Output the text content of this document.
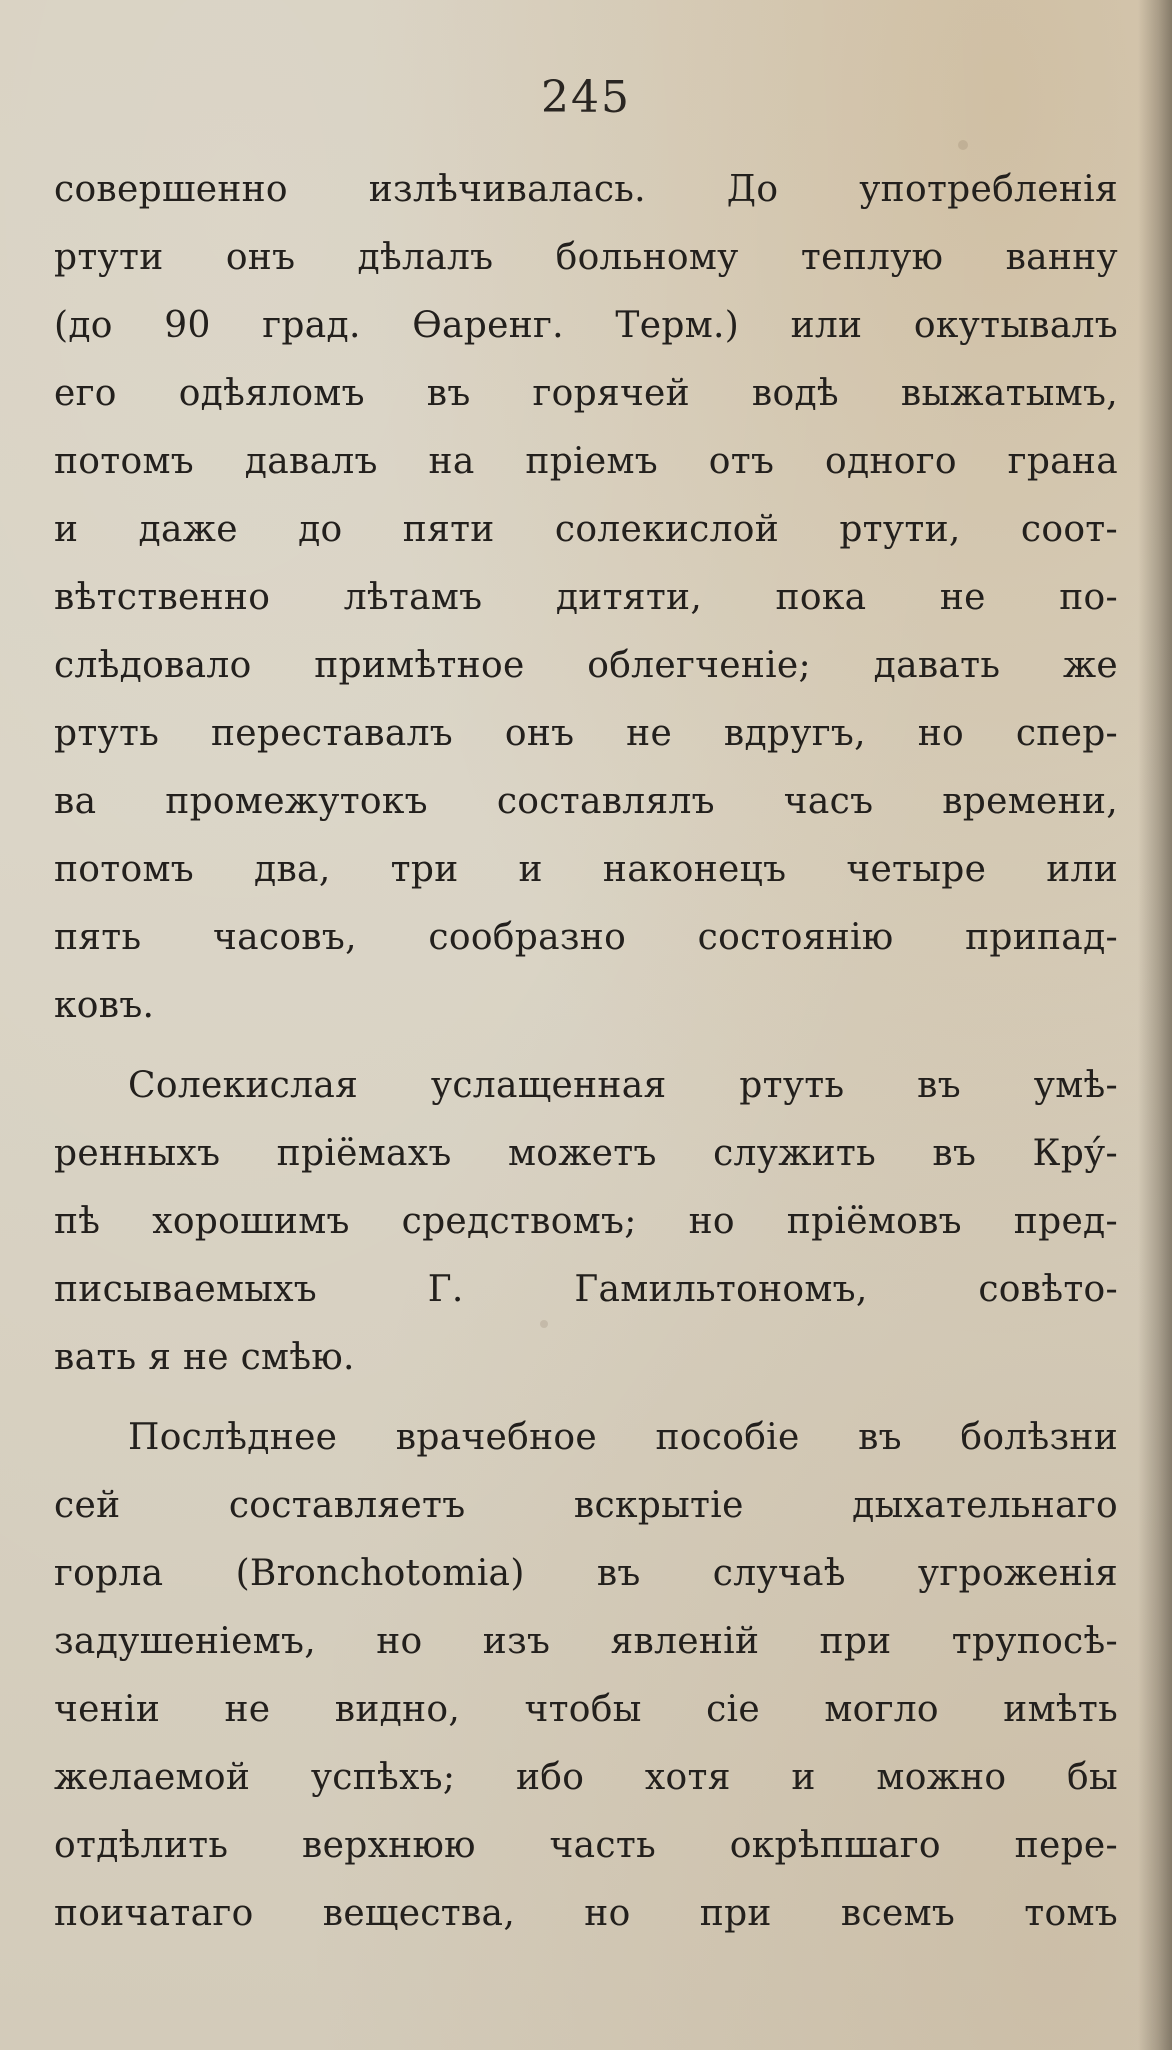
245
совершенно излѣчивалась. До употребленія
ртути онъ дѣлалъ больному теплую ванну
(до 90 град. Ѳаренг. Терм.) или окутывалъ
его одѣяломъ въ горячей водѣ выжатымъ,
потомъ давалъ на пріемъ отъ одного грана
и даже до пяти солекислой ртути, соот-
вѣтственно лѣтамъ дитяти, пока не по-
слѣдовало примѣтное облегченіе; давать же
ртуть переставалъ онъ не вдругъ, но спер-
ва промежутокъ составлялъ часъ времени,
потомъ два, три и наконецъ четыре или
пять часовъ, сообразно состоянію припад-
ковъ.
Солекислая услащенная ртуть въ умѣ-
ренныхъ пріёмахъ можетъ служить въ Кру́-
пѣ хорошимъ средствомъ; но пріёмовъ пред-
писываемыхъ Г. Гамильтономъ, совѣто-
вать я не смѣю.
Послѣднее врачебное пособіе въ болѣзни
сей составляетъ вскрытіе дыхательнаго
горла (Bronchotomia) въ случаѣ угроженія
задушеніемъ, но изъ явленій при трупосѣ-
ченіи не видно, чтобы сіе могло имѣть
желаемой успѣхъ; ибо хотя и можно бы
отдѣлить верхнюю часть окрѣпшаго пере-
поичатаго вещества, но при всемъ томъ
